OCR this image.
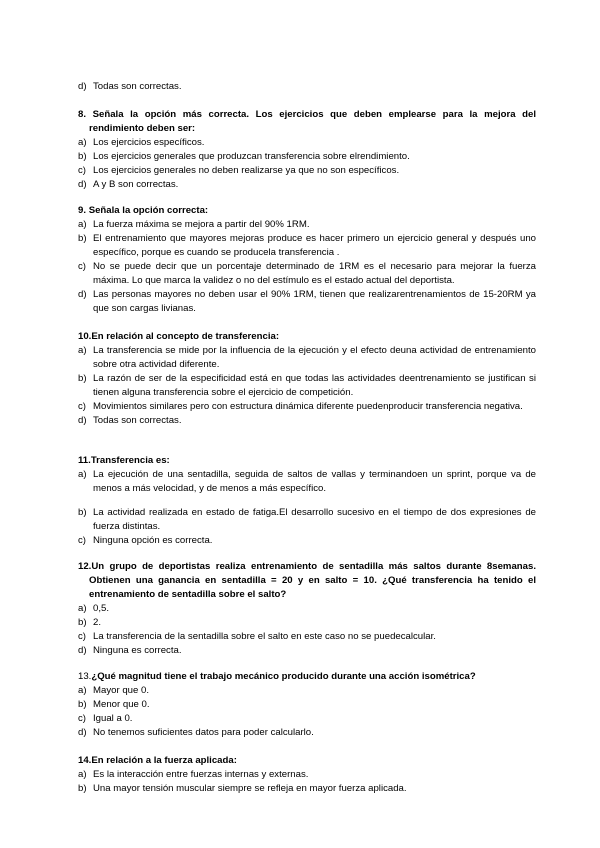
d) Todas son correctas.
8. Señala la opción más correcta. Los ejercicios que deben emplearse para la mejora del rendimiento deben ser:
a) Los ejercicios específicos.
b) Los ejercicios generales que produzcan transferencia sobre elrendimiento.
c) Los ejercicios generales no deben realizarse ya que no son específicos.
d) A y B son correctas.
9. Señala la opción correcta:
a) La fuerza máxima se mejora a partir del 90% 1RM.
b) El entrenamiento que mayores mejoras produce es hacer primero un ejercicio general y después uno específico, porque es cuando se producela transferencia .
c) No se puede decir que un porcentaje determinado de 1RM es el necesario para mejorar la fuerza máxima. Lo que marca la validez o no del estímulo es el estado actual del deportista.
d) Las personas mayores no deben usar el 90% 1RM, tienen que realizarentrenamientos de 15-20RM ya que son cargas livianas.
10.En relación al concepto de transferencia:
a) La transferencia se mide por la influencia de la ejecución y el efecto deuna actividad de entrenamiento sobre otra actividad diferente.
b) La razón de ser de la especificidad está en que todas las actividades deentrenamiento se justifican si tienen alguna transferencia sobre el ejercicio de competición.
c) Movimientos similares pero con estructura dinámica diferente puedenproducir transferencia negativa.
d) Todas son correctas.
11.Transferencia es:
a) La ejecución de una sentadilla, seguida de saltos de vallas y terminandoen un sprint, porque va de menos a más velocidad, y de menos a más específico.
b) La actividad realizada en estado de fatiga.El desarrollo sucesivo en el tiempo de dos expresiones de fuerza distintas.
c) Ninguna opción es correcta.
12.Un grupo de deportistas realiza entrenamiento de sentadilla más saltos durante 8semanas. Obtienen una ganancia en sentadilla = 20 y en salto = 10. ¿Qué transferencia ha tenido el entrenamiento de sentadilla sobre el salto?
a) 0,5.
b) 2.
c) La transferencia de la sentadilla sobre el salto en este caso no se puedecalcular.
d) Ninguna es correcta.
13.¿Qué magnitud tiene el trabajo mecánico producido durante una acción isométrica?
a) Mayor que 0.
b) Menor que 0.
c) Igual a 0.
d) No tenemos suficientes datos para poder calcularlo.
14.En relación a la fuerza aplicada:
a) Es la interacción entre fuerzas internas y externas.
b) Una mayor tensión muscular siempre se refleja en mayor fuerza aplicada.
